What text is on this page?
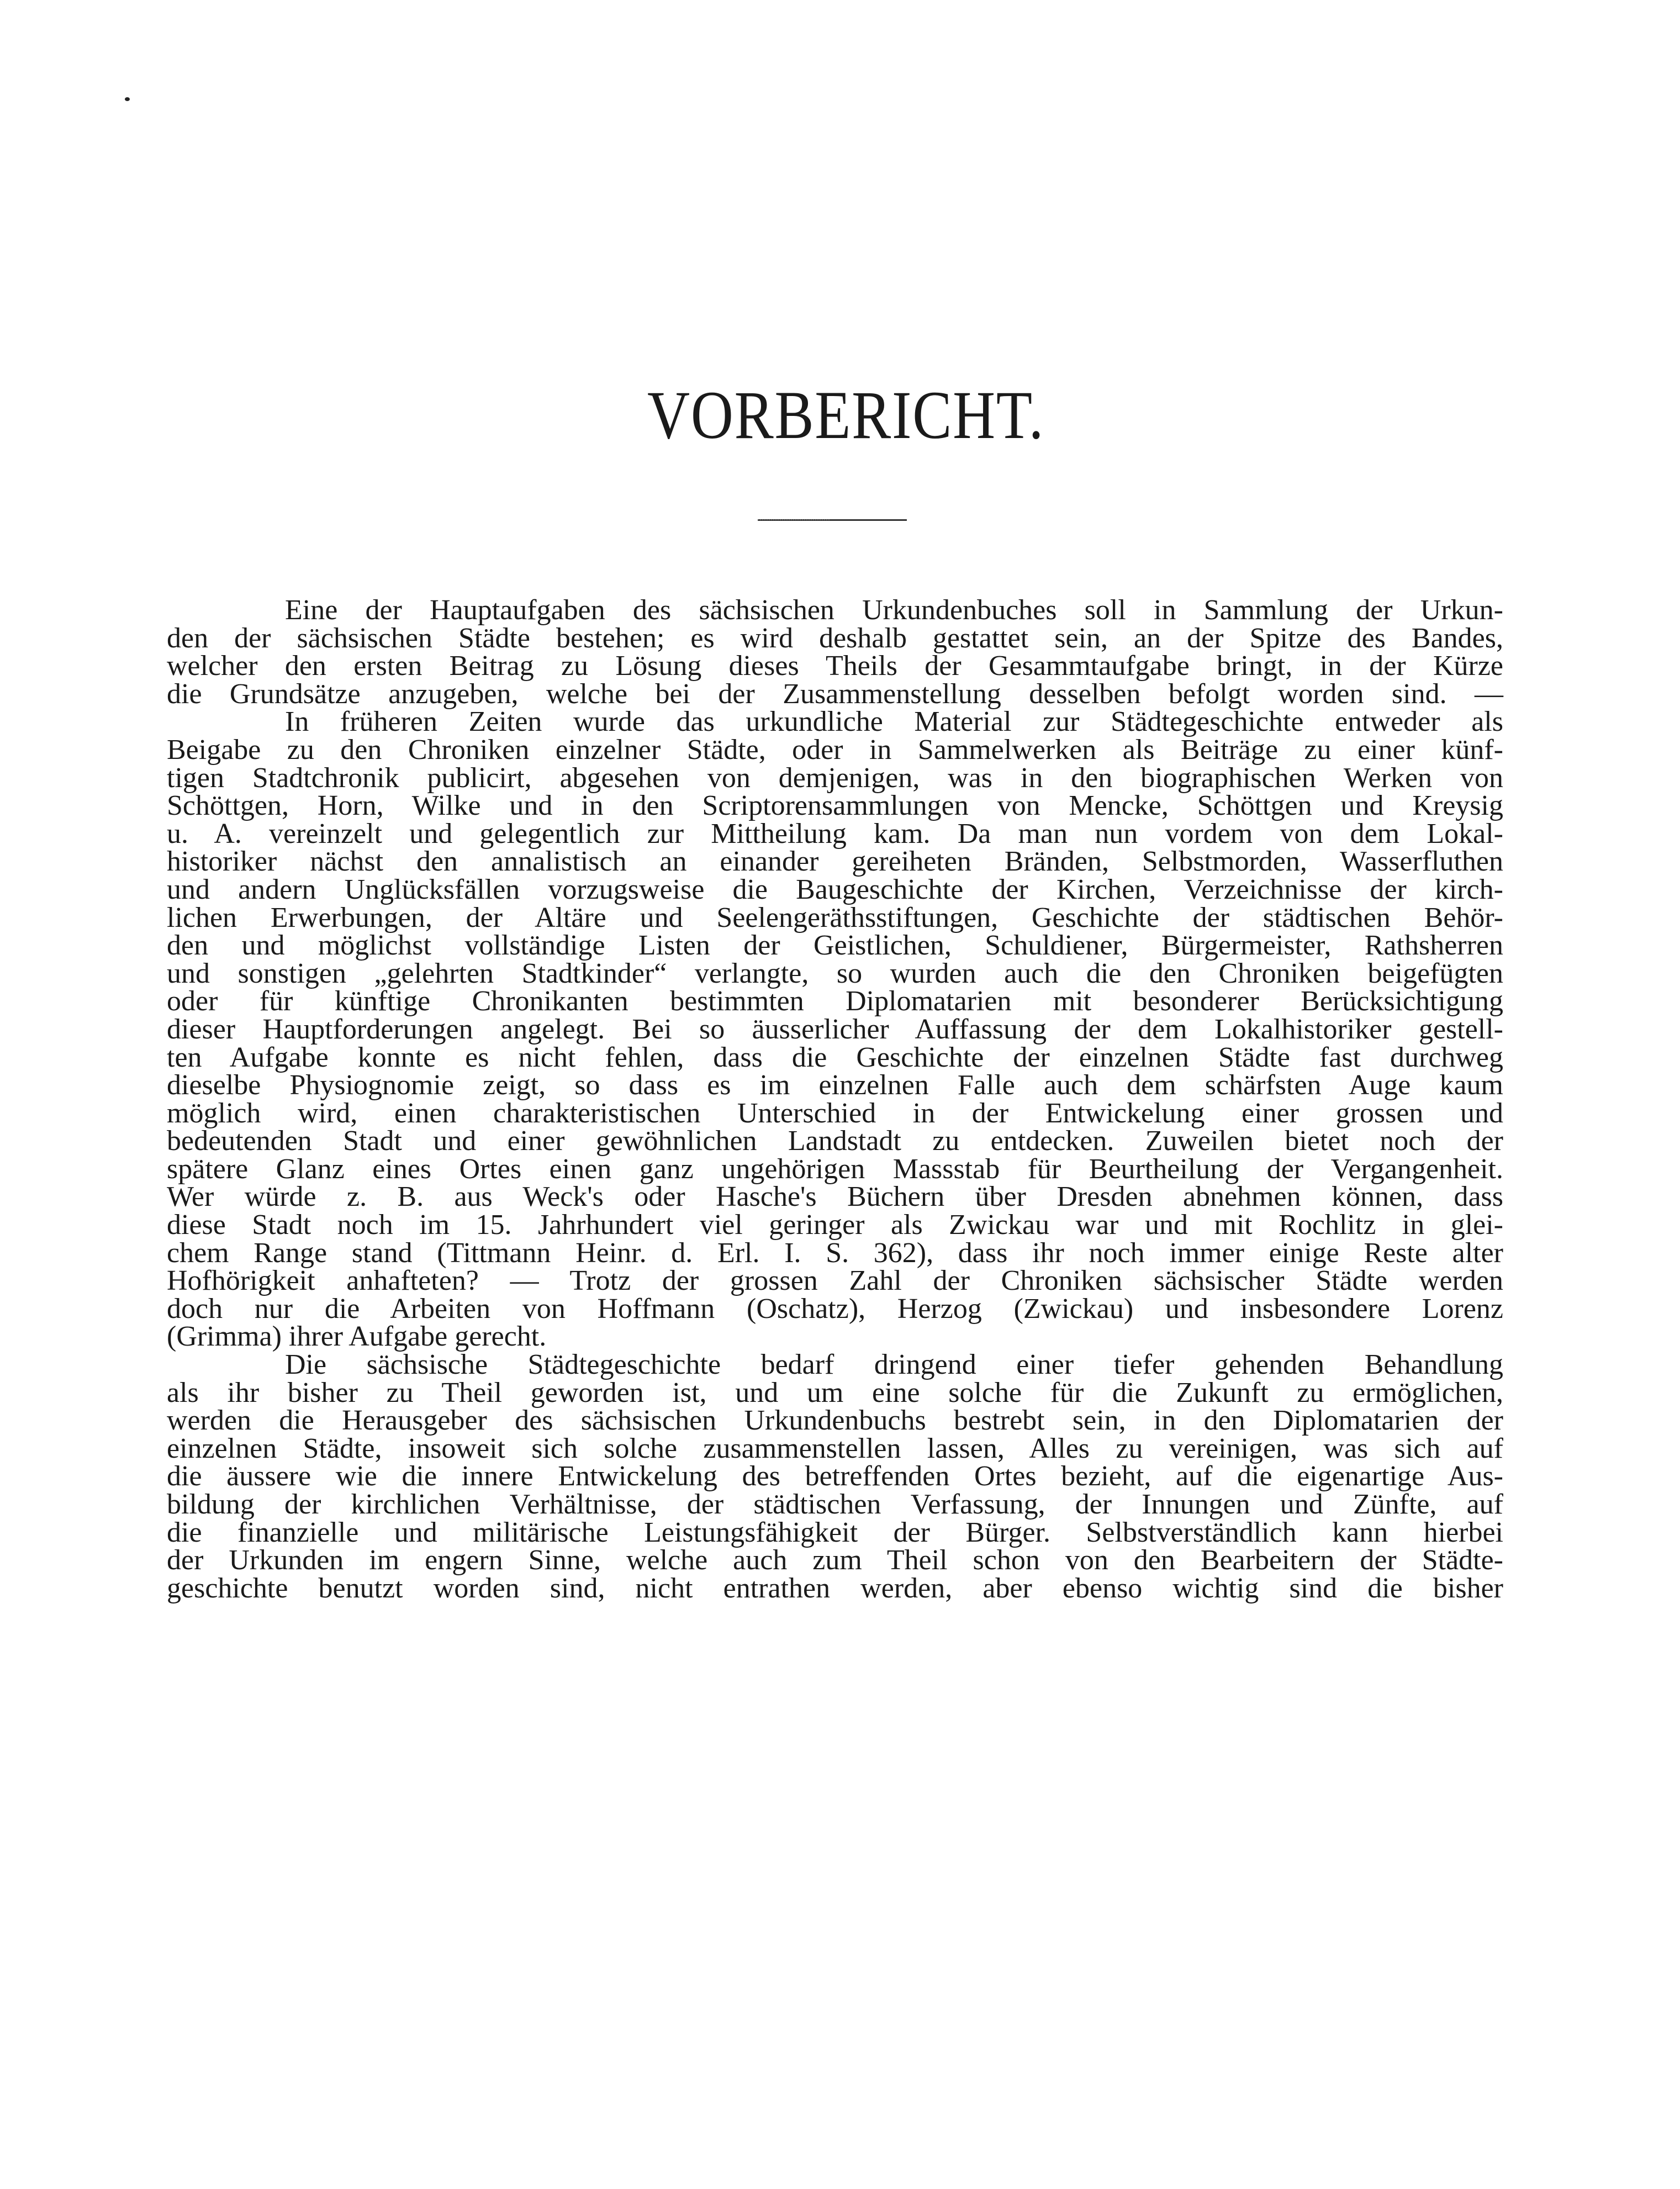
VORBERICHT.
Eine der Hauptaufgaben des sächsischen Urkundenbuches soll in Sammlung der Urkun-
den der sächsischen Städte bestehen; es wird deshalb gestattet sein, an der Spitze des Bandes,
welcher den ersten Beitrag zu Lösung dieses Theils der Gesammtaufgabe bringt, in der Kürze
die Grundsätze anzugeben, welche bei der Zusammenstellung desselben befolgt worden sind. —
In früheren Zeiten wurde das urkundliche Material zur Städtegeschichte entweder als
Beigabe zu den Chroniken einzelner Städte, oder in Sammelwerken als Beiträge zu einer künf-
tigen Stadtchronik publicirt, abgesehen von demjenigen, was in den biographischen Werken von
Schöttgen, Horn, Wilke und in den Scriptorensammlungen von Mencke, Schöttgen und Kreysig
u. A. vereinzelt und gelegentlich zur Mittheilung kam. Da man nun vordem von dem Lokal-
historiker nächst den annalistisch an einander gereiheten Bränden, Selbstmorden, Wasserfluthen
und andern Unglücksfällen vorzugsweise die Baugeschichte der Kirchen, Verzeichnisse der kirch-
lichen Erwerbungen, der Altäre und Seelengeräthsstiftungen, Geschichte der städtischen Behör-
den und möglichst vollständige Listen der Geistlichen, Schuldiener, Bürgermeister, Rathsherren
und sonstigen „gelehrten Stadtkinder“ verlangte, so wurden auch die den Chroniken beigefügten
oder für künftige Chronikanten bestimmten Diplomatarien mit besonderer Berücksichtigung
dieser Hauptforderungen angelegt. Bei so äusserlicher Auffassung der dem Lokalhistoriker gestell-
ten Aufgabe konnte es nicht fehlen, dass die Geschichte der einzelnen Städte fast durchweg
dieselbe Physiognomie zeigt, so dass es im einzelnen Falle auch dem schärfsten Auge kaum
möglich wird, einen charakteristischen Unterschied in der Entwickelung einer grossen und
bedeutenden Stadt und einer gewöhnlichen Landstadt zu entdecken. Zuweilen bietet noch der
spätere Glanz eines Ortes einen ganz ungehörigen Massstab für Beurtheilung der Vergangenheit.
Wer würde z. B. aus Weck's oder Hasche's Büchern über Dresden abnehmen können, dass
diese Stadt noch im 15. Jahrhundert viel geringer als Zwickau war und mit Rochlitz in glei-
chem Range stand (Tittmann Heinr. d. Erl. I. S. 362), dass ihr noch immer einige Reste alter
Hofhörigkeit anhafteten? — Trotz der grossen Zahl der Chroniken sächsischer Städte werden
doch nur die Arbeiten von Hoffmann (Oschatz), Herzog (Zwickau) und insbesondere Lorenz
(Grimma) ihrer Aufgabe gerecht.
Die sächsische Städtegeschichte bedarf dringend einer tiefer gehenden Behandlung
als ihr bisher zu Theil geworden ist, und um eine solche für die Zukunft zu ermöglichen,
werden die Herausgeber des sächsischen Urkundenbuchs bestrebt sein, in den Diplomatarien der
einzelnen Städte, insoweit sich solche zusammenstellen lassen, Alles zu vereinigen, was sich auf
die äussere wie die innere Entwickelung des betreffenden Ortes bezieht, auf die eigenartige Aus-
bildung der kirchlichen Verhältnisse, der städtischen Verfassung, der Innungen und Zünfte, auf
die finanzielle und militärische Leistungsfähigkeit der Bürger. Selbstverständlich kann hierbei
der Urkunden im engern Sinne, welche auch zum Theil schon von den Bearbeitern der Städte-
geschichte benutzt worden sind, nicht entrathen werden, aber ebenso wichtig sind die bisher
